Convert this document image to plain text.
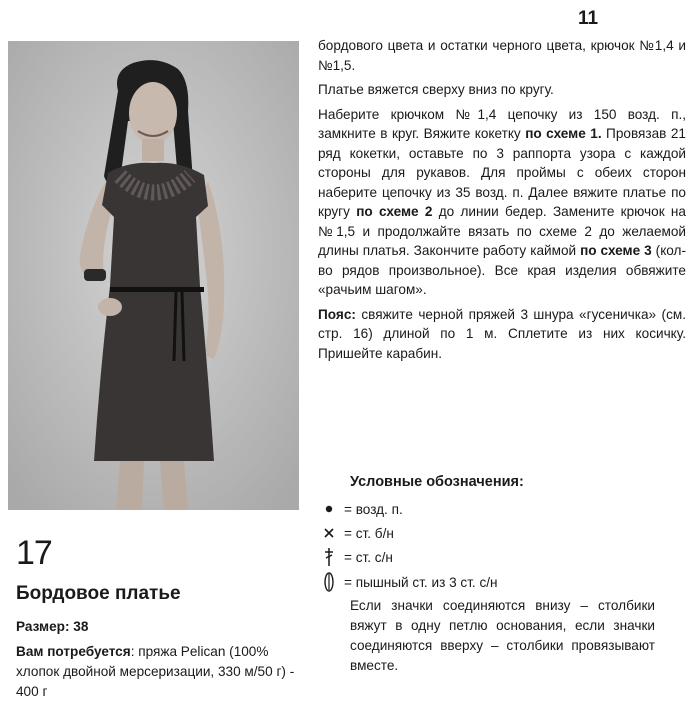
11

бордового цвета и остатки черного цвета, крючок №1,4 и №1,5.

Платье вяжется сверху вниз по кругу.

Наберите крючком №1,4 цепочку из 150 возд. п., замкните в круг. Вяжите кокетку по схеме 1. Провязав 21 ряд кокетки, оставьте по 3 раппорта узора с каждой стороны для рукавов. Для проймы с обеих сторон наберите цепочку из 35 возд. п. Далее вяжите платье по кругу по схеме 2 до линии бедер. Замените крючок на №1,5 и продолжайте вязать по схеме 2 до желаемой длины платья. Закончите работу каймой по схеме 3 (кол-во рядов произвольное). Все края изделия обвяжите «рачьим шагом».

Пояс: свяжите черной пряжей 3 шнура «гусеничка» (см. стр. 16) длиной по 1 м. Сплетите из них косичку. Пришейте карабин.

Условные обозначения:
= возд. п.
= ст. б/н
= ст. с/н
= пышный ст. из 3 ст. с/н
Если значки соединяются внизу – столбики вяжут в одну петлю основания, если значки соединяются вверху – столбики провязывают вместе.
17
Бордовое платье
Размер: 38
Вам потребуется: пряжа Pelican (100% хлопок двойной мерсеризации, 330 м/50 г) - 400 г
